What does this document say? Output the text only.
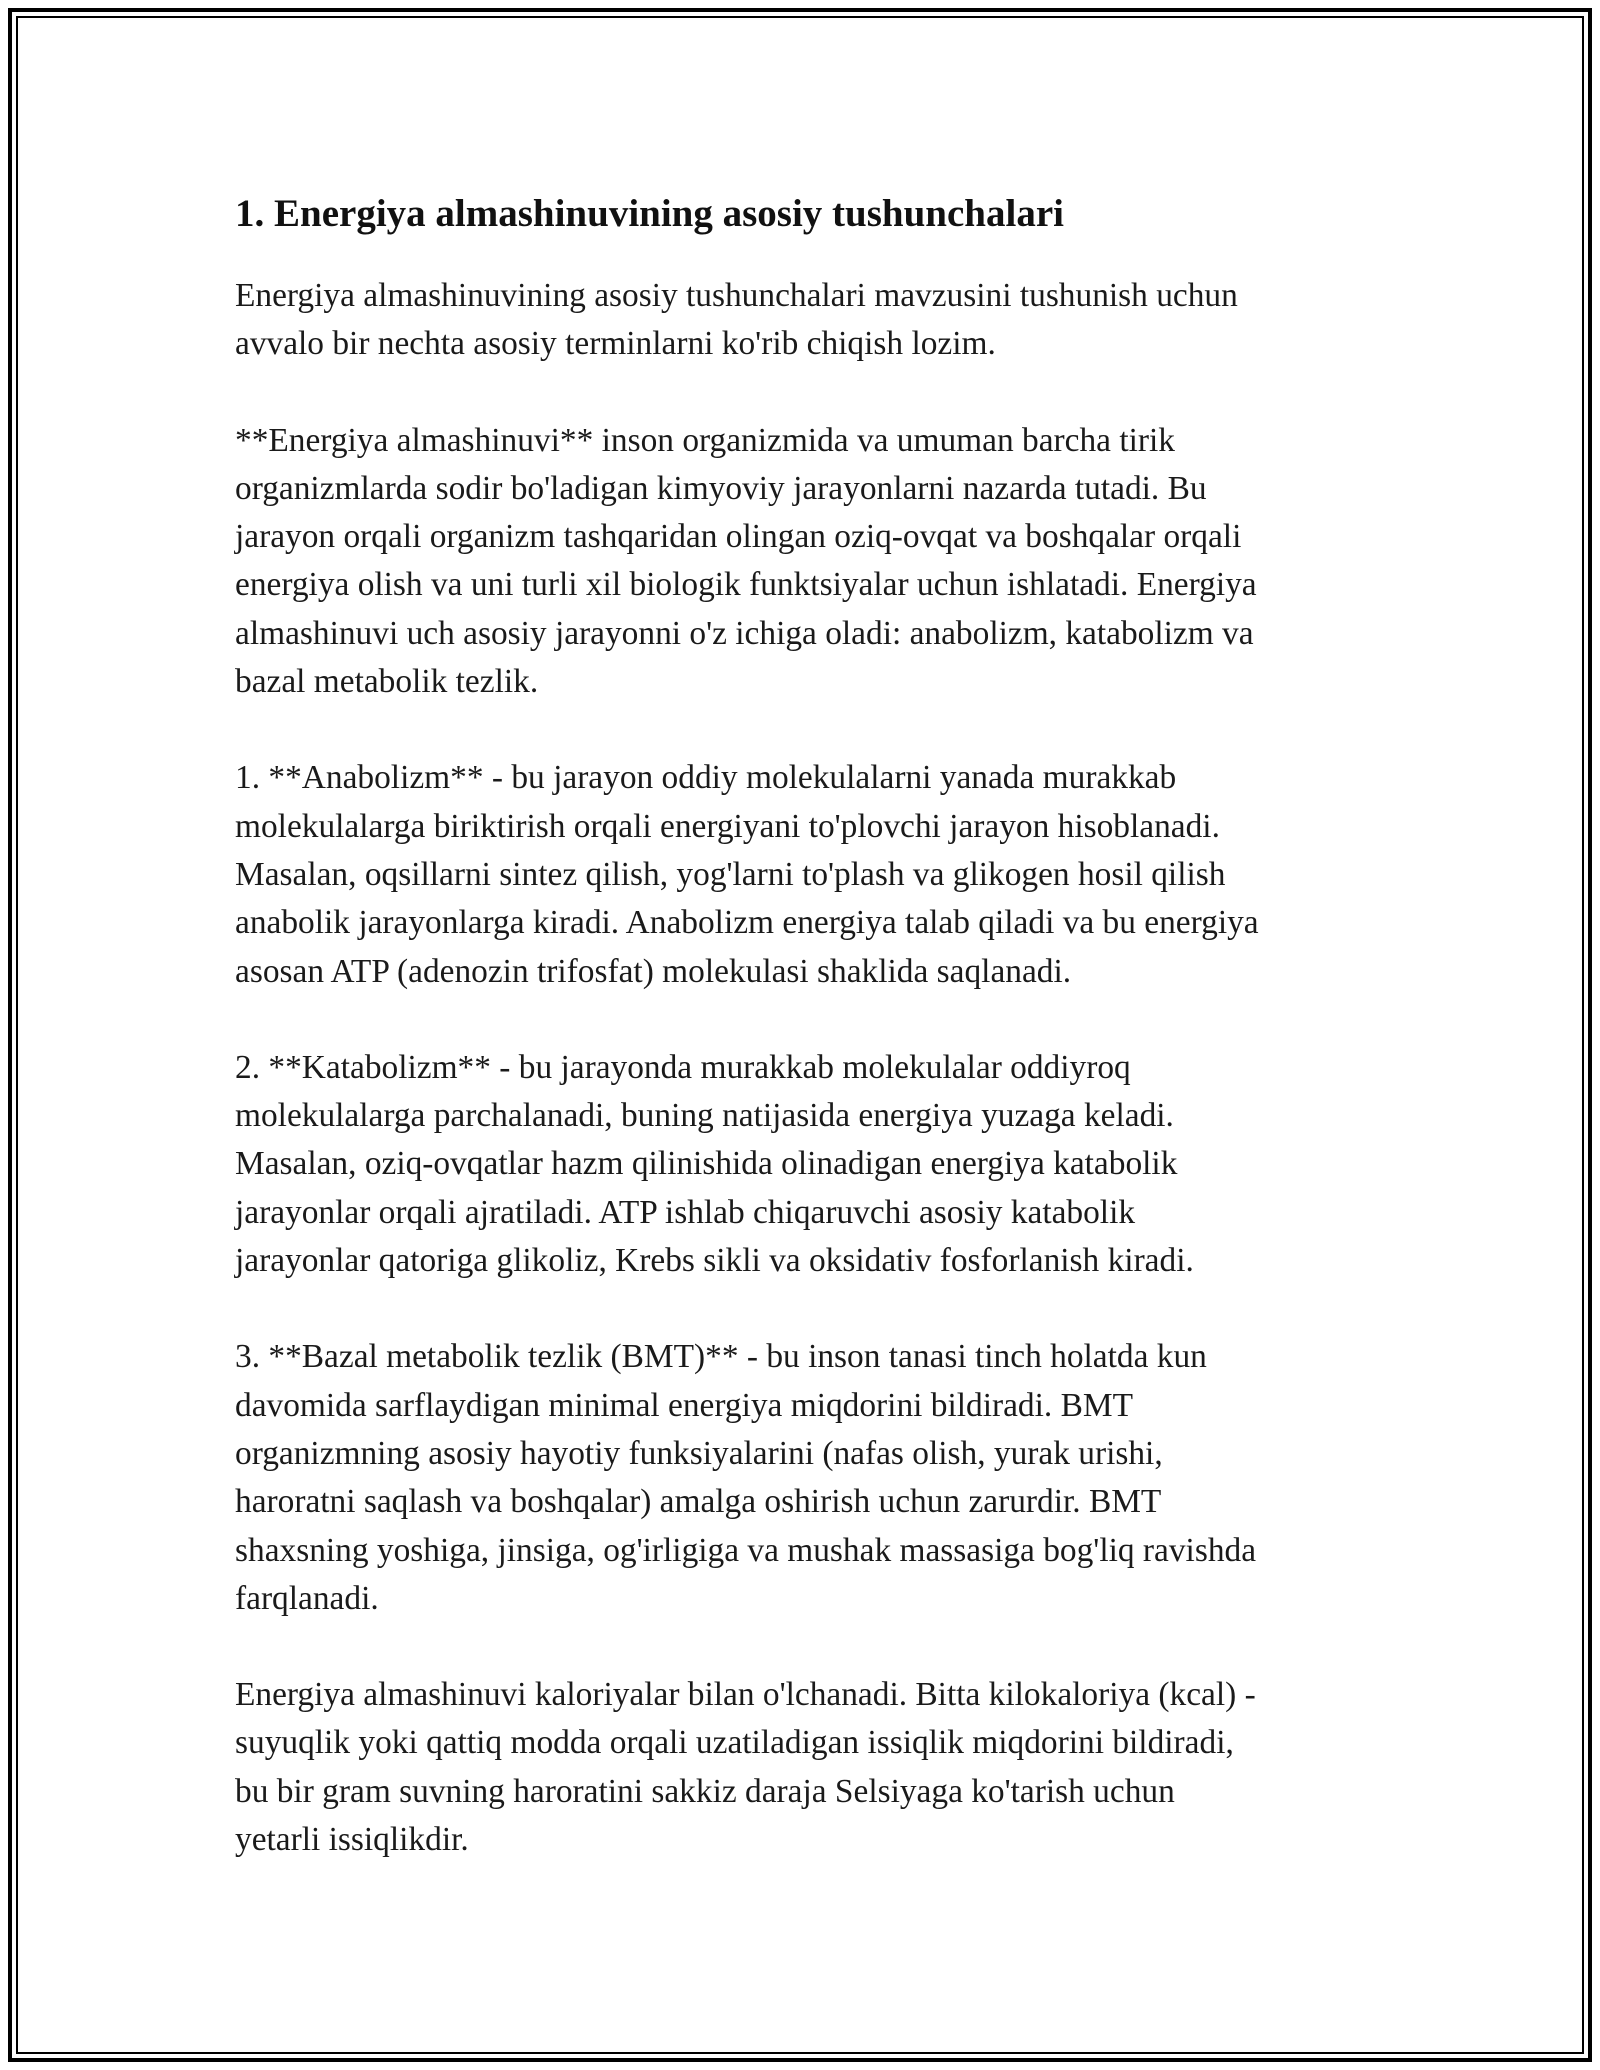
1. Energiya almashinuvining asosiy tushunchalari

Energiya almashinuvining asosiy tushunchalari mavzusini tushunish uchun
avvalo bir nechta asosiy terminlarni ko'rib chiqish lozim.

**Energiya almashinuvi** inson organizmida va umuman barcha tirik
organizmlarda sodir bo'ladigan kimyoviy jarayonlarni nazarda tutadi. Bu
jarayon orqali organizm tashqaridan olingan oziq-ovqat va boshqalar orqali
energiya olish va uni turli xil biologik funktsiyalar uchun ishlatadi. Energiya
almashinuvi uch asosiy jarayonni o'z ichiga oladi: anabolizm, katabolizm va
bazal metabolik tezlik.

1. **Anabolizm** - bu jarayon oddiy molekulalarni yanada murakkab
molekulalarga biriktirish orqali energiyani to'plovchi jarayon hisoblanadi.
Masalan, oqsillarni sintez qilish, yog'larni to'plash va glikogen hosil qilish
anabolik jarayonlarga kiradi. Anabolizm energiya talab qiladi va bu energiya
asosan ATP (adenozin trifosfat) molekulasi shaklida saqlanadi.

2. **Katabolizm** - bu jarayonda murakkab molekulalar oddiyroq
molekulalarga parchalanadi, buning natijasida energiya yuzaga keladi.
Masalan, oziq-ovqatlar hazm qilinishida olinadigan energiya katabolik
jarayonlar orqali ajratiladi. ATP ishlab chiqaruvchi asosiy katabolik
jarayonlar qatoriga glikoliz, Krebs sikli va oksidativ fosforlanish kiradi.

3. **Bazal metabolik tezlik (BMT)** - bu inson tanasi tinch holatda kun
davomida sarflaydigan minimal energiya miqdorini bildiradi. BMT
organizmning asosiy hayotiy funksiyalarini (nafas olish, yurak urishi,
haroratni saqlash va boshqalar) amalga oshirish uchun zarurdir. BMT
shaxsning yoshiga, jinsiga, og'irligiga va mushak massasiga bog'liq ravishda
farqlanadi.

Energiya almashinuvi kaloriyalar bilan o'lchanadi. Bitta kilokaloriya (kcal) -
suyuqlik yoki qattiq modda orqali uzatiladigan issiqlik miqdorini bildiradi,
bu bir gram suvning haroratini sakkiz daraja Selsiyaga ko'tarish uchun
yetarli issiqlikdir.
